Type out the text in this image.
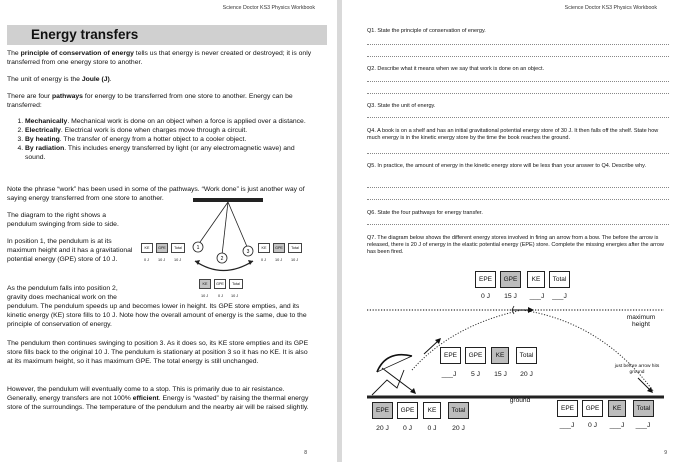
Science Doctor KS3 Physics Workbook
Energy transfers
The principle of conservation of energy tells us that energy is never created or destroyed; it is only transferred from one energy store to another.
The unit of energy is the Joule (J).
There are four pathways for energy to be transferred from one store to another. Energy can be transferred:
1. Mechanically. Mechanical work is done on an object when a force is applied over a distance.
2. Electrically. Electrical work is done when charges move through a circuit.
3. By heating. The transfer of energy from a hotter object to a cooler object.
4. By radiation. This includes energy transferred by light (or any electromagnetic wave) and sound.
Note the phrase “work” has been used in some of the pathways. “Work done” is just another way of saying energy transferred from one store to another.
The diagram to the right shows a pendulum swinging from side to side.
In position 1, the pendulum is at its maximum height and it has a gravitational potential energy (GPE) store of 10 J.
As the pendulum falls into position 2, gravity does mechanical work on the
pendulum. The pendulum speeds up and becomes lower in height. Its GPE store empties, and its kinetic energy (KE) store fills to 10 J. Note how the overall amount of energy is the same, due to the principle of conservation of energy.
The pendulum then continues swinging to position 3. As it does so, its KE store empties and its GPE store fills back to the original 10 J. The pendulum is stationary at position 3 so it has no KE. It is also at its maximum height, so it has maximum GPE. The total energy is still unchanged.
However, the pendulum will eventually come to a stop. This is primarily due to air resistance. Generally, energy transfers are not 100% efficient. Energy is “wasted” by raising the thermal energy store of the surroundings. The temperature of the pendulum and the nearby air will be raised slightly.
1
2
3
KE	GPE	Total
0 J 10 J 10 J
KE	GPE	Total
0 J 10 J 10 J
KE	GPE	Total
10 J	0 J 10 J
8
Science Doctor KS3 Physics Workbook
Q1. State the principle of conservation of energy.
Q2. Describe what it means when we say that work is done on an object.
Q3. State the unit of energy.
Q4. A book is on a shelf and has an initial gravitational potential energy store of 30 J. It then falls off the shelf. State how much energy is in the kinetic energy store by the time the book reaches the ground.
Q5. In practice, the amount of energy in the kinetic energy store will be less than your answer to Q4. Describe why.
Q6. State the four pathways for energy transfer.
Q7. The diagram below shows the different energy stores involved in firing an arrow from a bow. The before the arrow is released, there is 20 J of energy in the elastic potential energy (EPE) store. Complete the missing energies after the arrow has been fired.
EPE	GPE	KE	Total
0 J	15 J	___J	___J
maximum height
EPE	GPE	KE	Total
___J	5 J	15 J	20 J
just before arrow hits ground
ground
EPE	GPE	KE	Total
20 J	0 J	0 J	20 J
EPE	GPE	KE	Total
___J	0 J	___J	___J
9
